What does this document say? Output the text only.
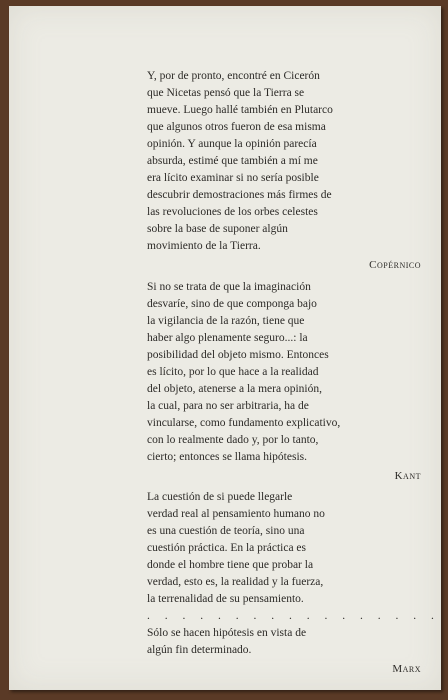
Y, por de pronto, encontré en Cicerón
que Nicetas pensó que la Tierra se
mueve. Luego hallé también en Plutarco
que algunos otros fueron de esa misma
opinión. Y aunque la opinión parecía
absurda, estimé que también a mí me
era lícito examinar si no sería posible
descubrir demostraciones más firmes de
las revoluciones de los orbes celestes
sobre la base de suponer algún
movimiento de la Tierra.
Copérnico
Si no se trata de que la imaginación
desvaríe, sino de que componga bajo
la vigilancia de la razón, tiene que
haber algo plenamente seguro...: la
posibilidad del objeto mismo. Entonces
es lícito, por lo que hace a la realidad
del objeto, atenerse a la mera opinión,
la cual, para no ser arbitraria, ha de
vincularse, como fundamento explicativo,
con lo realmente dado y, por lo tanto,
cierto; entonces se llama hipótesis.
Kant
La cuestión de si puede llegarle
verdad real al pensamiento humano no
es una cuestión de teoría, sino una
cuestión práctica. En la práctica es
donde el hombre tiene que probar la
verdad, esto es, la realidad y la fuerza,
la terrenalidad de su pensamiento.
. . . . . . . . . . . . . . . . .
Sólo se hacen hipótesis en vista de
algún fin determinado.
Marx
